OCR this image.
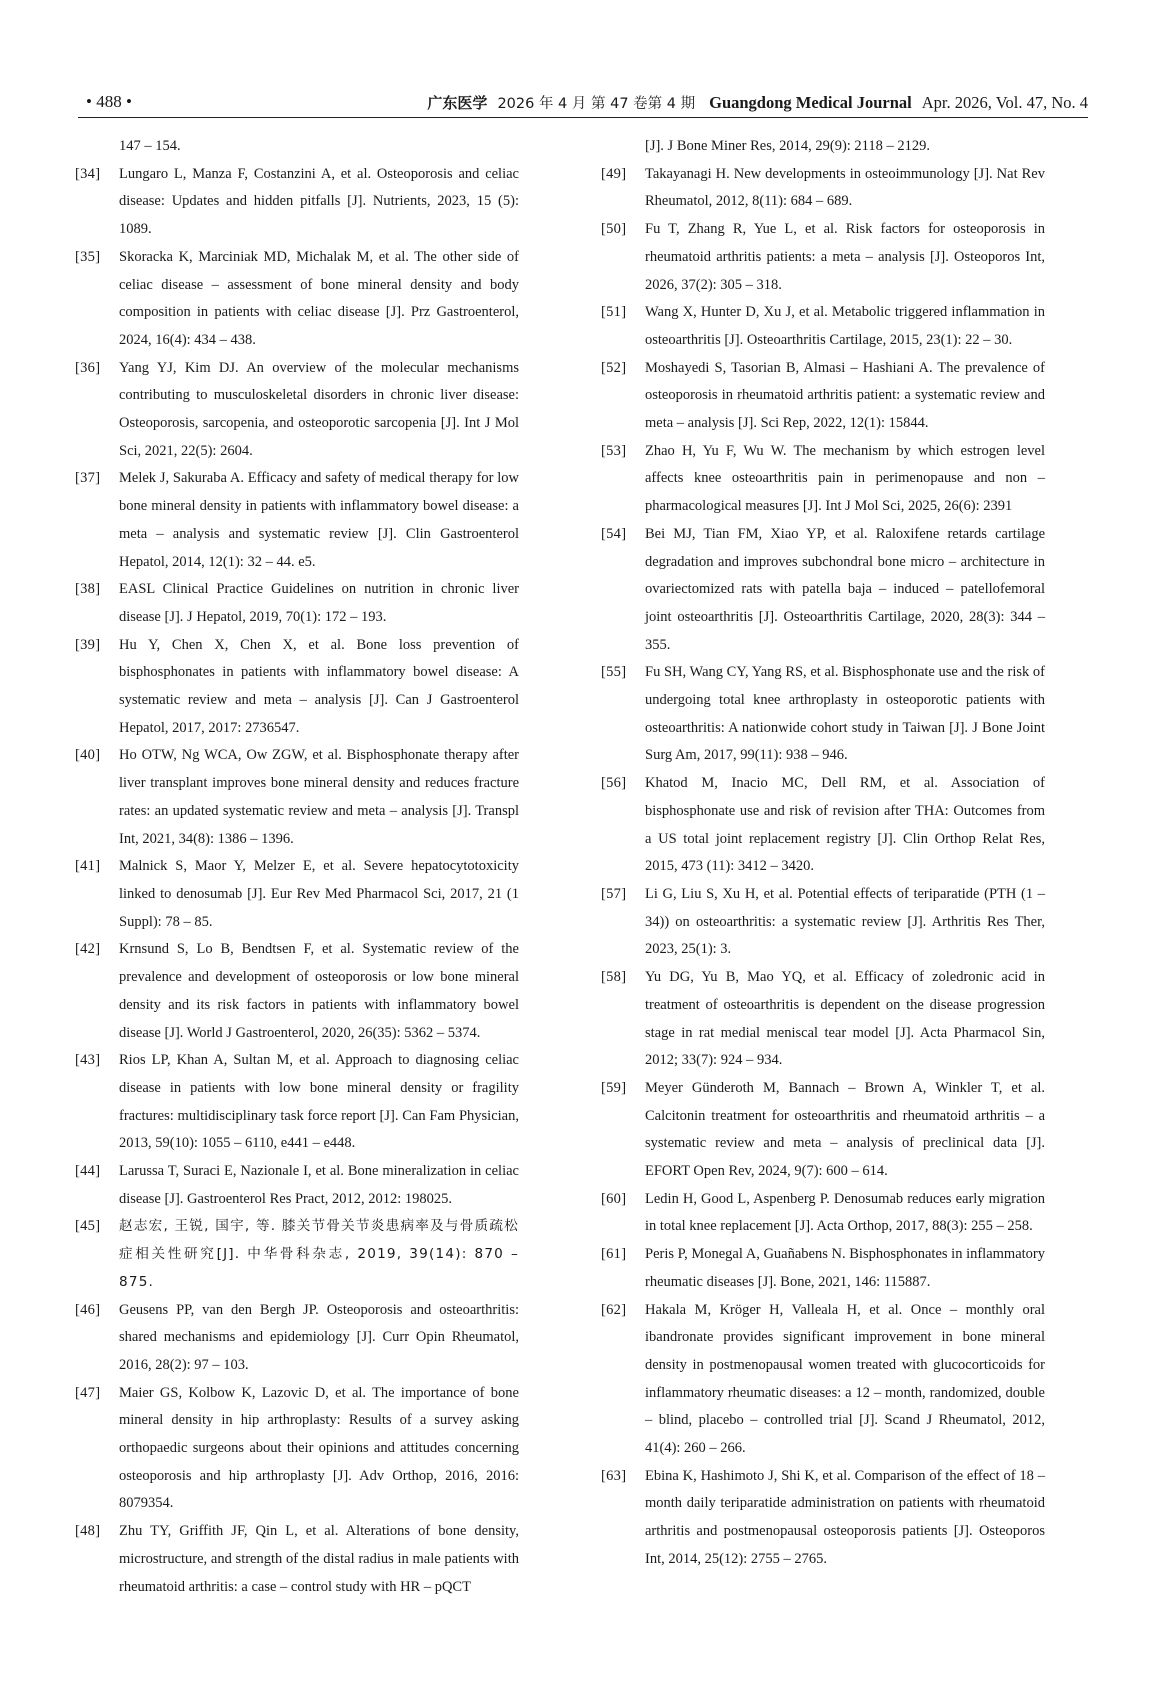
• 488 •	广东医学 2026 年 4 月 第 47 卷第 4 期 Guangdong Medical Journal Apr. 2026, Vol. 47, No. 4
147 – 154.
[34]	Lungaro L, Manza F, Costanzini A, et al. Osteoporosis and celiac disease: Updates and hidden pitfalls [J]. Nutrients, 2023, 15 (5): 1089.
[35]	Skoracka K, Marciniak MD, Michalak M, et al. The other side of celiac disease – assessment of bone mineral density and body composition in patients with celiac disease [J]. Prz Gastroenterol, 2024, 16(4): 434 – 438.
[36]	Yang YJ, Kim DJ. An overview of the molecular mechanisms contributing to musculoskeletal disorders in chronic liver disease: Osteoporosis, sarcopenia, and osteoporotic sarcopenia [J]. Int J Mol Sci, 2021, 22(5): 2604.
[37]	Melek J, Sakuraba A. Efficacy and safety of medical therapy for low bone mineral density in patients with inflammatory bowel disease: a meta – analysis and systematic review [J]. Clin Gastroenterol Hepatol, 2014, 12(1): 32 – 44. e5.
[38]	EASL Clinical Practice Guidelines on nutrition in chronic liver disease [J]. J Hepatol, 2019, 70(1): 172 – 193.
[39]	Hu Y, Chen X, Chen X, et al. Bone loss prevention of bisphosphonates in patients with inflammatory bowel disease: A systematic review and meta – analysis [J]. Can J Gastroenterol Hepatol, 2017, 2017: 2736547.
[40]	Ho OTW, Ng WCA, Ow ZGW, et al. Bisphosphonate therapy after liver transplant improves bone mineral density and reduces fracture rates: an updated systematic review and meta – analysis [J]. Transpl Int, 2021, 34(8): 1386 – 1396.
[41]	Malnick S, Maor Y, Melzer E, et al. Severe hepatocytotoxicity linked to denosumab [J]. Eur Rev Med Pharmacol Sci, 2017, 21 (1 Suppl): 78 – 85.
[42]	Krnsund S, Lo B, Bendtsen F, et al. Systematic review of the prevalence and development of osteoporosis or low bone mineral density and its risk factors in patients with inflammatory bowel disease [J]. World J Gastroenterol, 2020, 26(35): 5362 – 5374.
[43]	Rios LP, Khan A, Sultan M, et al. Approach to diagnosing celiac disease in patients with low bone mineral density or fragility fractures: multidisciplinary task force report [J]. Can Fam Physician, 2013, 59(10): 1055 – 6110, e441 – e448.
[44]	Larussa T, Suraci E, Nazionale I, et al. Bone mineralization in celiac disease [J]. Gastroenterol Res Pract, 2012, 2012: 198025.
[45]	赵志宏, 王锐, 国宇, 等. 膝关节骨关节炎患病率及与骨质疏松症相关性研究[J]. 中华骨科杂志, 2019, 39(14): 870 – 875.
[46]	Geusens PP, van den Bergh JP. Osteoporosis and osteoarthritis: shared mechanisms and epidemiology [J]. Curr Opin Rheumatol, 2016, 28(2): 97 – 103.
[47]	Maier GS, Kolbow K, Lazovic D, et al. The importance of bone mineral density in hip arthroplasty: Results of a survey asking orthopaedic surgeons about their opinions and attitudes concerning osteoporosis and hip arthroplasty [J]. Adv Orthop, 2016, 2016: 8079354.
[48]	Zhu TY, Griffith JF, Qin L, et al. Alterations of bone density, microstructure, and strength of the distal radius in male patients with rheumatoid arthritis: a case – control study with HR – pQCT
[J]. J Bone Miner Res, 2014, 29(9): 2118 – 2129.
[49]	Takayanagi H. New developments in osteoimmunology [J]. Nat Rev Rheumatol, 2012, 8(11): 684 – 689.
[50]	Fu T, Zhang R, Yue L, et al. Risk factors for osteoporosis in rheumatoid arthritis patients: a meta – analysis [J]. Osteoporos Int, 2026, 37(2): 305 – 318.
[51]	Wang X, Hunter D, Xu J, et al. Metabolic triggered inflammation in osteoarthritis [J]. Osteoarthritis Cartilage, 2015, 23(1): 22 – 30.
[52]	Moshayedi S, Tasorian B, Almasi – Hashiani A. The prevalence of osteoporosis in rheumatoid arthritis patient: a systematic review and meta – analysis [J]. Sci Rep, 2022, 12(1): 15844.
[53]	Zhao H, Yu F, Wu W. The mechanism by which estrogen level affects knee osteoarthritis pain in perimenopause and non – pharmacological measures [J]. Int J Mol Sci, 2025, 26(6): 2391
[54]	Bei MJ, Tian FM, Xiao YP, et al. Raloxifene retards cartilage degradation and improves subchondral bone micro – architecture in ovariectomized rats with patella baja – induced – patellofemoral joint osteoarthritis [J]. Osteoarthritis Cartilage, 2020, 28(3): 344 – 355.
[55]	Fu SH, Wang CY, Yang RS, et al. Bisphosphonate use and the risk of undergoing total knee arthroplasty in osteoporotic patients with osteoarthritis: A nationwide cohort study in Taiwan [J]. J Bone Joint Surg Am, 2017, 99(11): 938 – 946.
[56]	Khatod M, Inacio MC, Dell RM, et al. Association of bisphosphonate use and risk of revision after THA: Outcomes from a US total joint replacement registry [J]. Clin Orthop Relat Res, 2015, 473 (11): 3412 – 3420.
[57]	Li G, Liu S, Xu H, et al. Potential effects of teriparatide (PTH (1 – 34)) on osteoarthritis: a systematic review [J]. Arthritis Res Ther, 2023, 25(1): 3.
[58]	Yu DG, Yu B, Mao YQ, et al. Efficacy of zoledronic acid in treatment of osteoarthritis is dependent on the disease progression stage in rat medial meniscal tear model [J]. Acta Pharmacol Sin, 2012; 33(7): 924 – 934.
[59]	Meyer Günderoth M, Bannach – Brown A, Winkler T, et al. Calcitonin treatment for osteoarthritis and rheumatoid arthritis – a systematic review and meta – analysis of preclinical data [J]. EFORT Open Rev, 2024, 9(7): 600 – 614.
[60]	Ledin H, Good L, Aspenberg P. Denosumab reduces early migration in total knee replacement [J]. Acta Orthop, 2017, 88(3): 255 – 258.
[61]	Peris P, Monegal A, Guañabens N. Bisphosphonates in inflammatory rheumatic diseases [J]. Bone, 2021, 146: 115887.
[62]	Hakala M, Kröger H, Valleala H, et al. Once – monthly oral ibandronate provides significant improvement in bone mineral density in postmenopausal women treated with glucocorticoids for inflammatory rheumatic diseases: a 12 – month, randomized, double – blind, placebo – controlled trial [J]. Scand J Rheumatol, 2012, 41(4): 260 – 266.
[63]	Ebina K, Hashimoto J, Shi K, et al. Comparison of the effect of 18 – month daily teriparatide administration on patients with rheumatoid arthritis and postmenopausal osteoporosis patients [J]. Osteoporos Int, 2014, 25(12): 2755 – 2765.
